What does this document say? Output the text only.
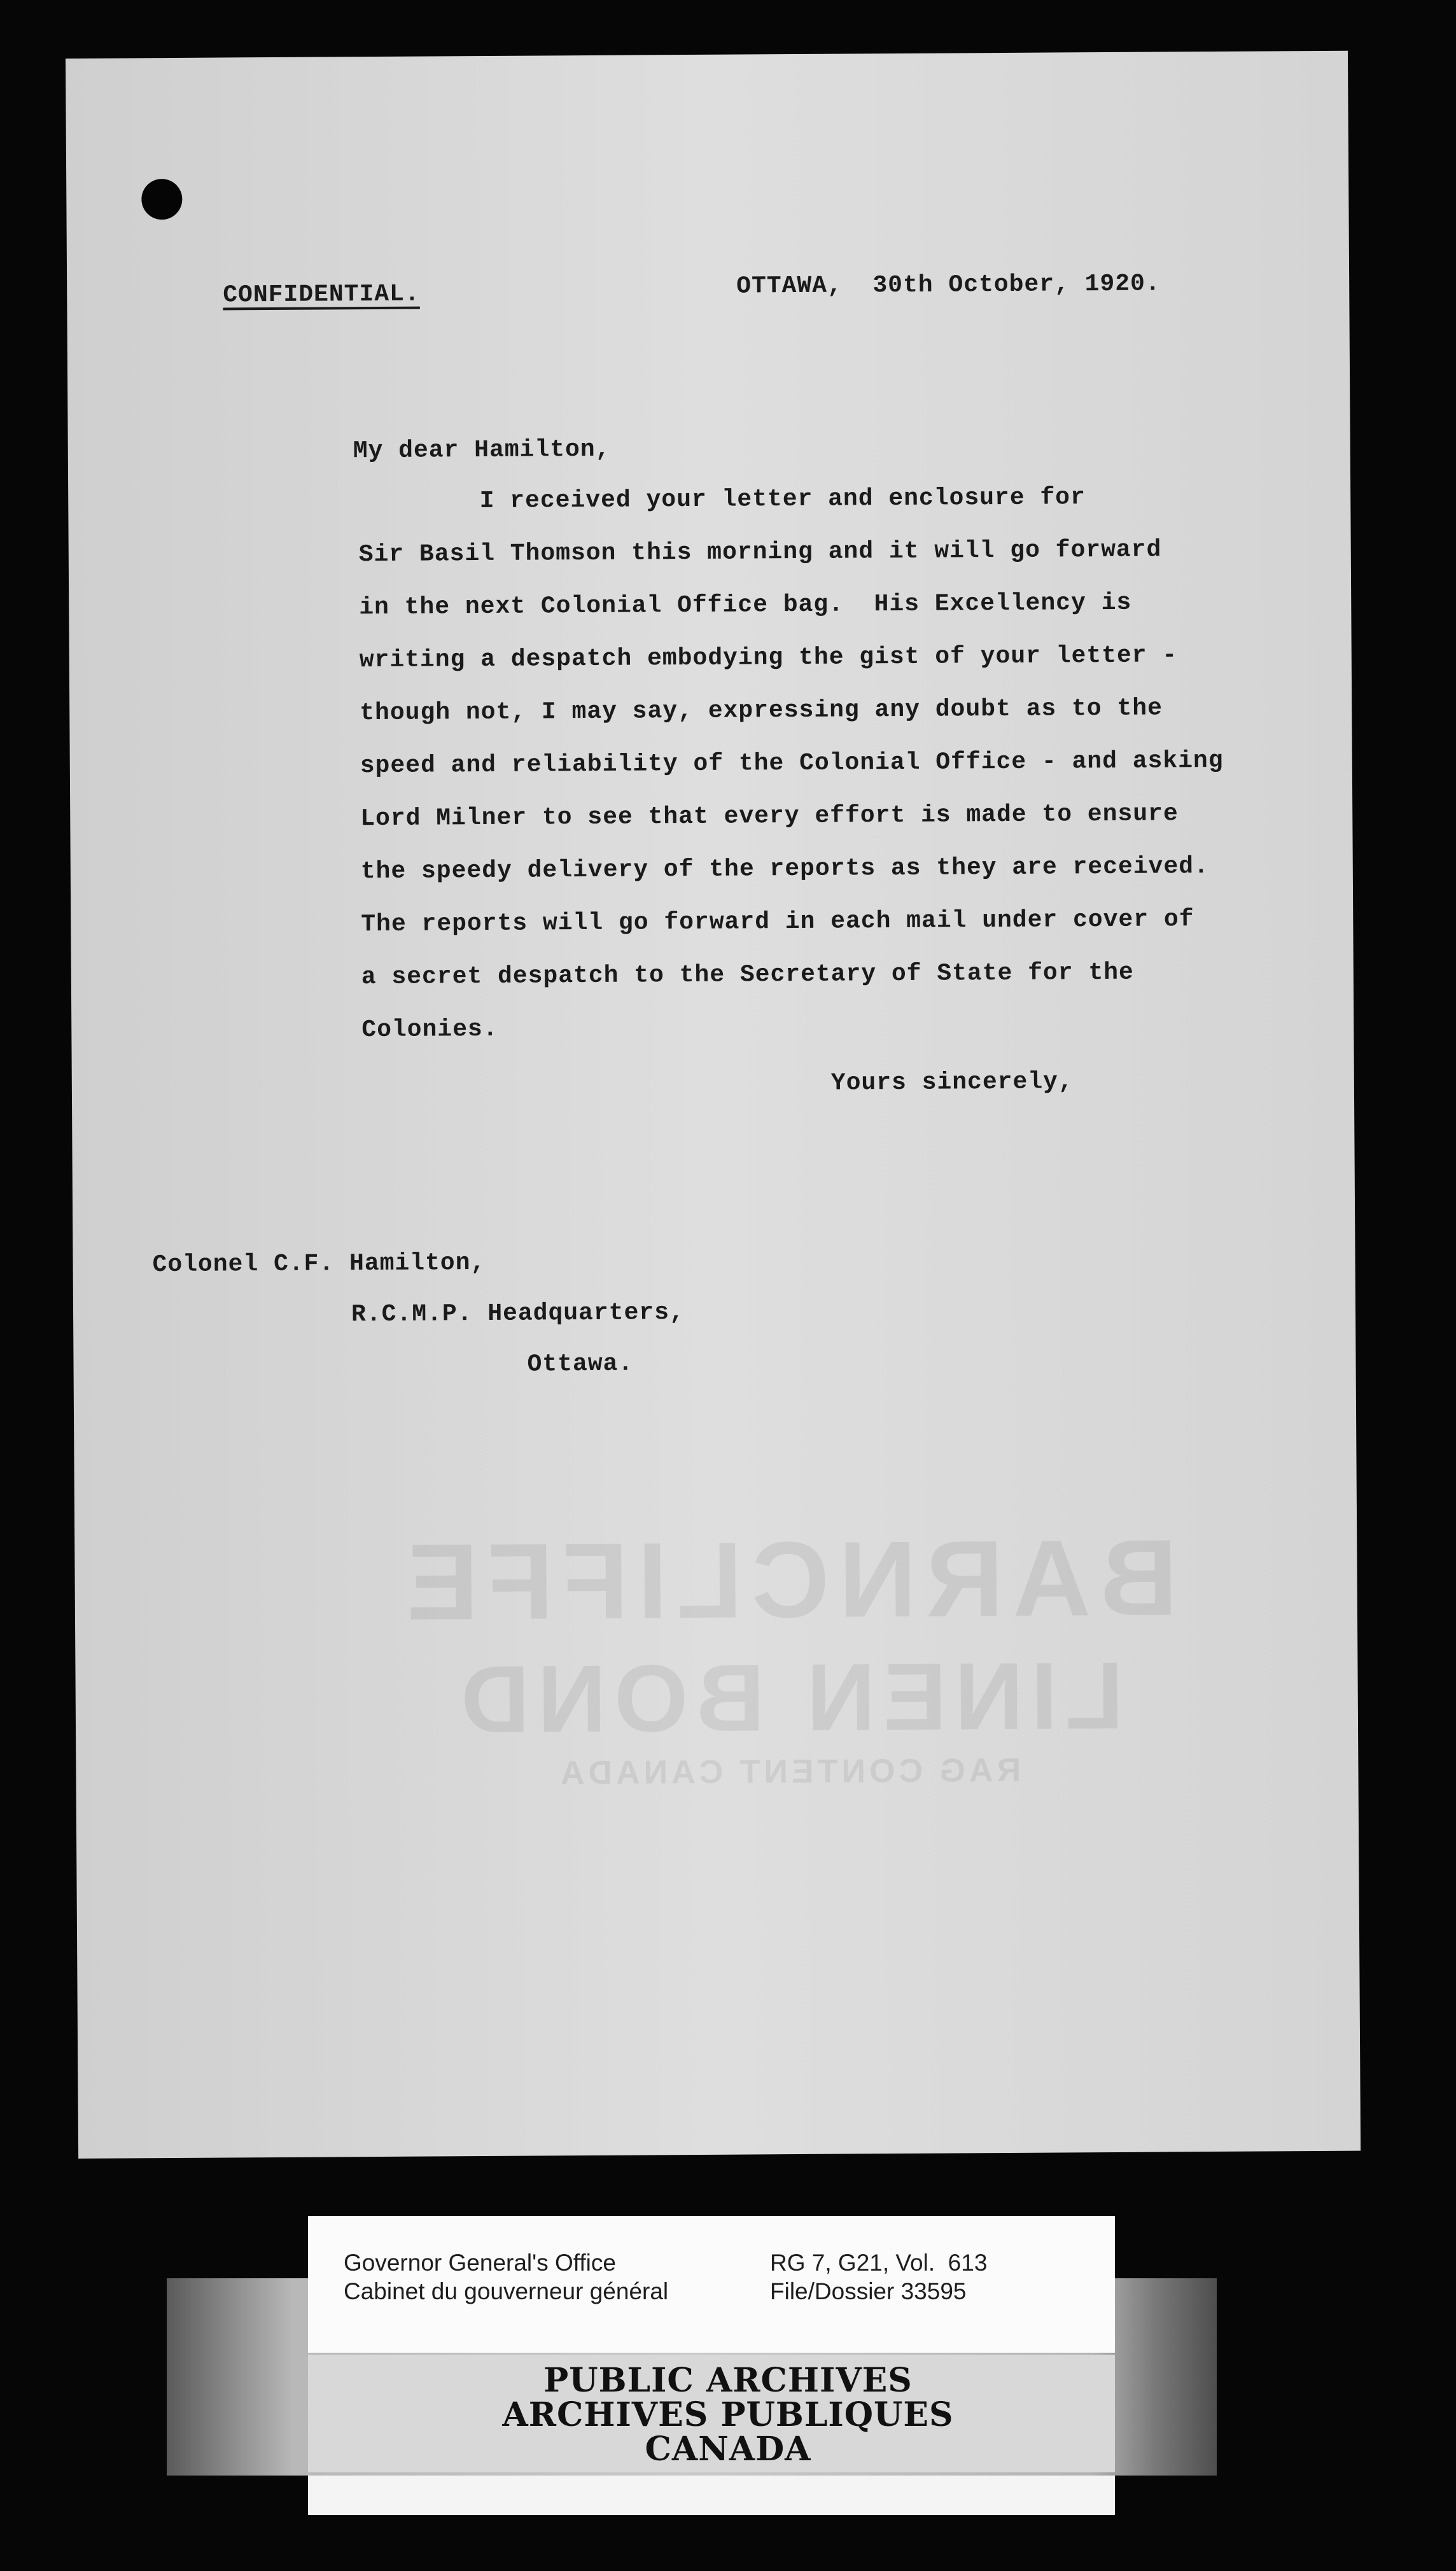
CONFIDENTIAL.	OTTAWA,  30th October, 1920.
My dear Hamilton,
I received your letter and enclosure for
Sir Basil Thomson this morning and it will go forward
in the next Colonial Office bag.  His Excellency is
writing a despatch embodying the gist of your letter -
though not, I may say, expressing any doubt as to the
speed and reliability of the Colonial Office - and asking
Lord Milner to see that every effort is made to ensure
the speedy delivery of the reports as they are received.
The reports will go forward in each mail under cover of
a secret despatch to the Secretary of State for the
Colonies.
Yours sincerely,
Colonel C.F. Hamilton,
R.C.M.P. Headquarters,
Ottawa.
BARNCLIFFE
LINEN BOND
RAG CONTENT CANADA
Governor General's Office
Cabinet du gouverneur général
RG 7, G21, Vol.  613
File/Dossier 33595
PUBLIC ARCHIVES
ARCHIVES PUBLIQUES
CANADA
